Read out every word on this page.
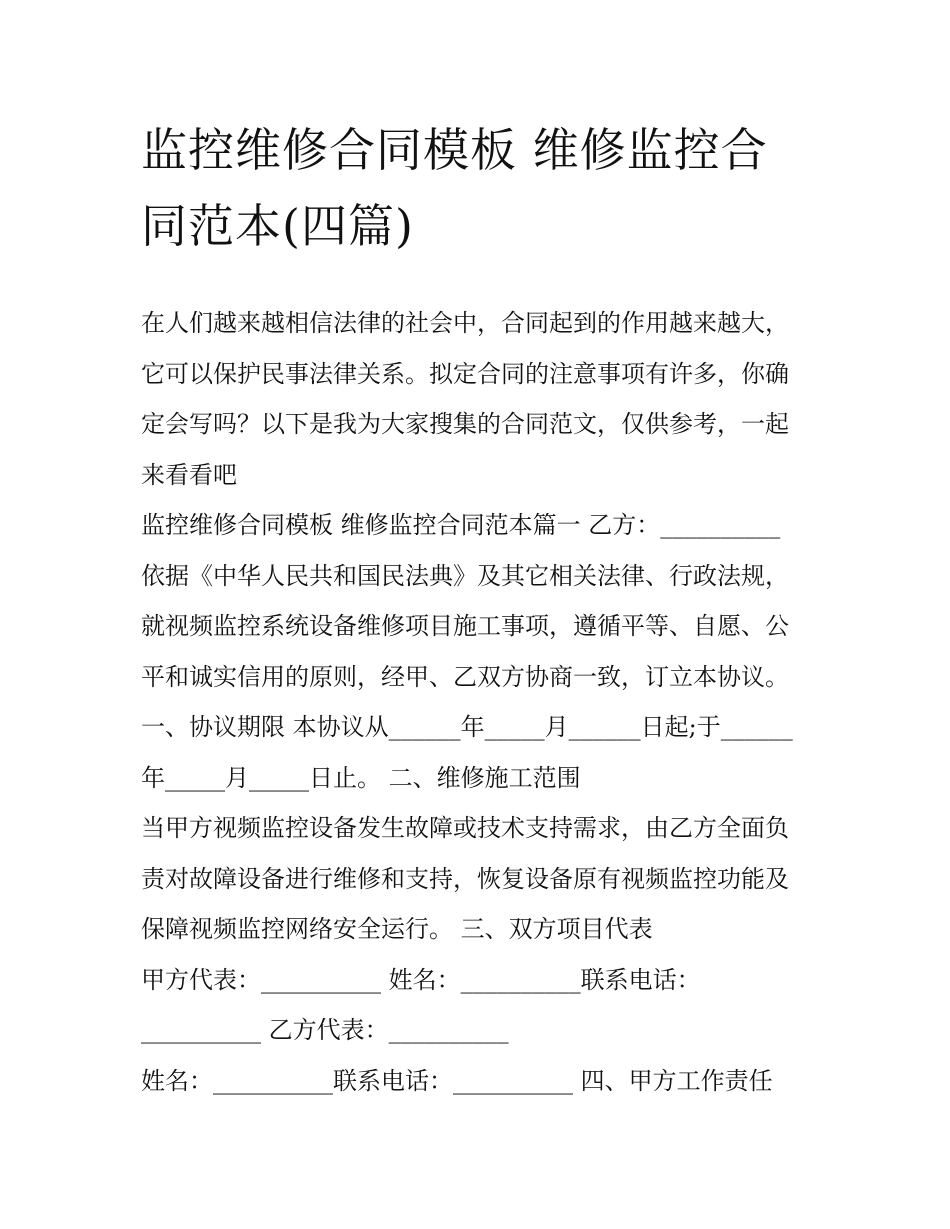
监控维修合同模板 维修监控合
同范本(四篇)
在人们越来越相信法律的社会中，合同起到的作用越来越大，
它可以保护民事法律关系。拟定合同的注意事项有许多，你确
定会写吗？以下是我为大家搜集的合同范文，仅供参考，一起
来看看吧
监控维修合同模板 维修监控合同范本篇一 乙方：__________
依据《中华人民共和国民法典》及其它相关法律、行政法规，
就视频监控系统设备维修项目施工事项，遵循平等、自愿、公
平和诚实信用的原则，经甲、乙双方协商一致，订立本协议。
一、协议期限 本协议从______年_____月______日起;于______
年_____月_____日止。 二、维修施工范围
当甲方视频监控设备发生故障或技术支持需求，由乙方全面负
责对故障设备进行维修和支持，恢复设备原有视频监控功能及
保障视频监控网络安全运行。 三、双方项目代表
甲方代表：__________ 姓名：__________联系电话：
__________ 乙方代表：__________
姓名：__________联系电话：__________ 四、甲方工作责任
